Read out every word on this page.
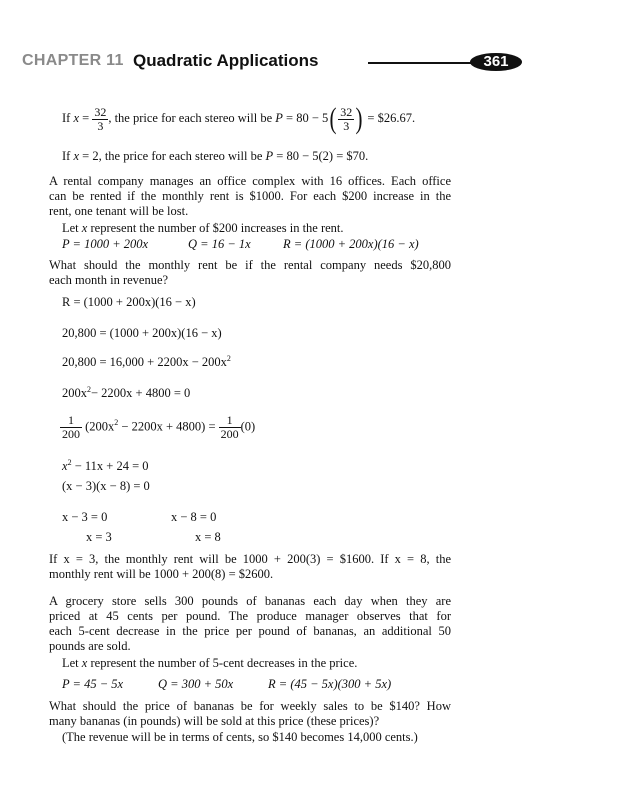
CHAPTER 11 Quadratic Applications	361
If $x = \frac{32}{3}$ , the price for each stereo will be $P = 80 - 5( \frac{32}{3}$ ) = $26.67.
If x = 2, the price for each stereo will be P = 80 − 5(2) = $70.
A rental company manages an office complex with 16 offices. Each office
can be rented if the monthly rent is $1000. For each $200 increase in the
rent, one tenant will be lost.
Let x represent the number of $200 increases in the rent.
P = 1000 + 200x	Q = 16 − 1x	R = (1000 + 200x)(16 − x)
What should the monthly rent be if the rental company needs $20,800
each month in revenue?
R = (1000 + 200x)(16 − x)
20,800 = (1000 + 200x)(16 − x)
$20,800 = 16,000 + 2200x - 200x^2$
$200x^2- 2200x + 4800 = 0$
$\frac{1}{200} (200x^2 - 2200x + 4800) = \frac{1}{200} (0)$
$x^2 - 11x + 24 = 0$
(x − 3)(x − 8) = 0
x − 3 = 0
x = 3
x − 8 = 0
x = 8
If x = 3, the monthly rent will be 1000 + 200(3) = $1600. If x = 8, the
monthly rent will be 1000 + 200(8) = $2600.
A grocery store sells 300 pounds of bananas each day when they are
priced at 45 cents per pound. The produce manager observes that for
each 5-cent decrease in the price per pound of bananas, an additional 50
pounds are sold.
Let x represent the number of 5-cent decreases in the price.
P = 45 − 5x	Q = 300 + 50x	R = (45 − 5x)(300 + 5x)
What should the price of bananas be for weekly sales to be $140? How
many bananas (in pounds) will be sold at this price (these prices)?
(The revenue will be in terms of cents, so $140 becomes 14,000 cents.)
